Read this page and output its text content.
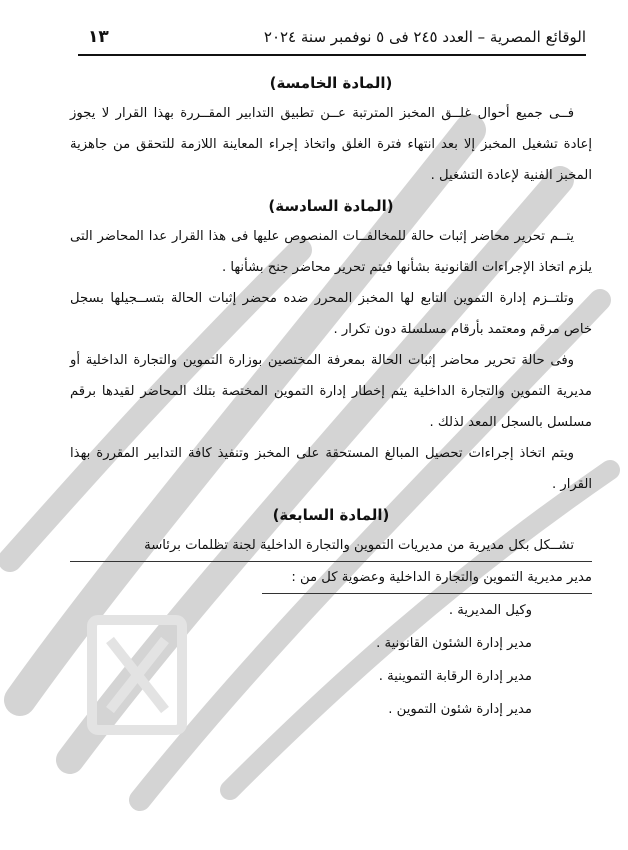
الوقائع المصرية – العدد ٢٤٥ فى ٥ نوفمبر سنة ٢٠٢٤
١٣

(المادة الخامسة)

فــى جميع أحوال غلــق المخبز المترتبة عــن تطبيق التدابير المقــررة بهذا القرار لا يجوز إعادة تشغيل المخبز إلا بعد انتهاء فترة الغلق واتخاذ إجراء المعاينة اللازمة للتحقق من جاهزية المخبز الفنية لإعادة التشغيل .

(المادة السادسة)

يتــم تحرير محاضر إثبات حالة للمخالفــات المنصوص عليها فى هذا القرار عدا المحاضر التى يلزم اتخاذ الإجراءات القانونية بشأنها فيتم تحرير محاضر جنح بشأنها .

وتلتــزم إدارة التموين التابع لها المخبز المحرر ضده محضر إثبات الحالة بتســجيلها بسجل خاص مرقم ومعتمد بأرقام مسلسلة دون تكرار .

وفى حالة تحرير محاضر إثبات الحالة بمعرفة المختصين بوزارة التموين والتجارة الداخلية أو مديرية التموين والتجارة الداخلية يتم إخطار إدارة التموين المختصة بتلك المحاضر لقيدها برقم مسلسل بالسجل المعد لذلك .

ويتم اتخاذ إجراءات تحصيل المبالغ المستحقة على المخبز وتنفيذ كافة التدابير المقررة بهذا القرار .

(المادة السابعة)

تشــكل بكل مديرية من مديريات التموين والتجارة الداخلية لجنة تظلمات برئاسة

مدير مديرية التموين والتجارة الداخلية وعضوية كل من :

وكيل المديرية .
مدير إدارة الشئون القانونية .
مدير إدارة الرقابة التموينية .
مدير إدارة شئون التموين .
